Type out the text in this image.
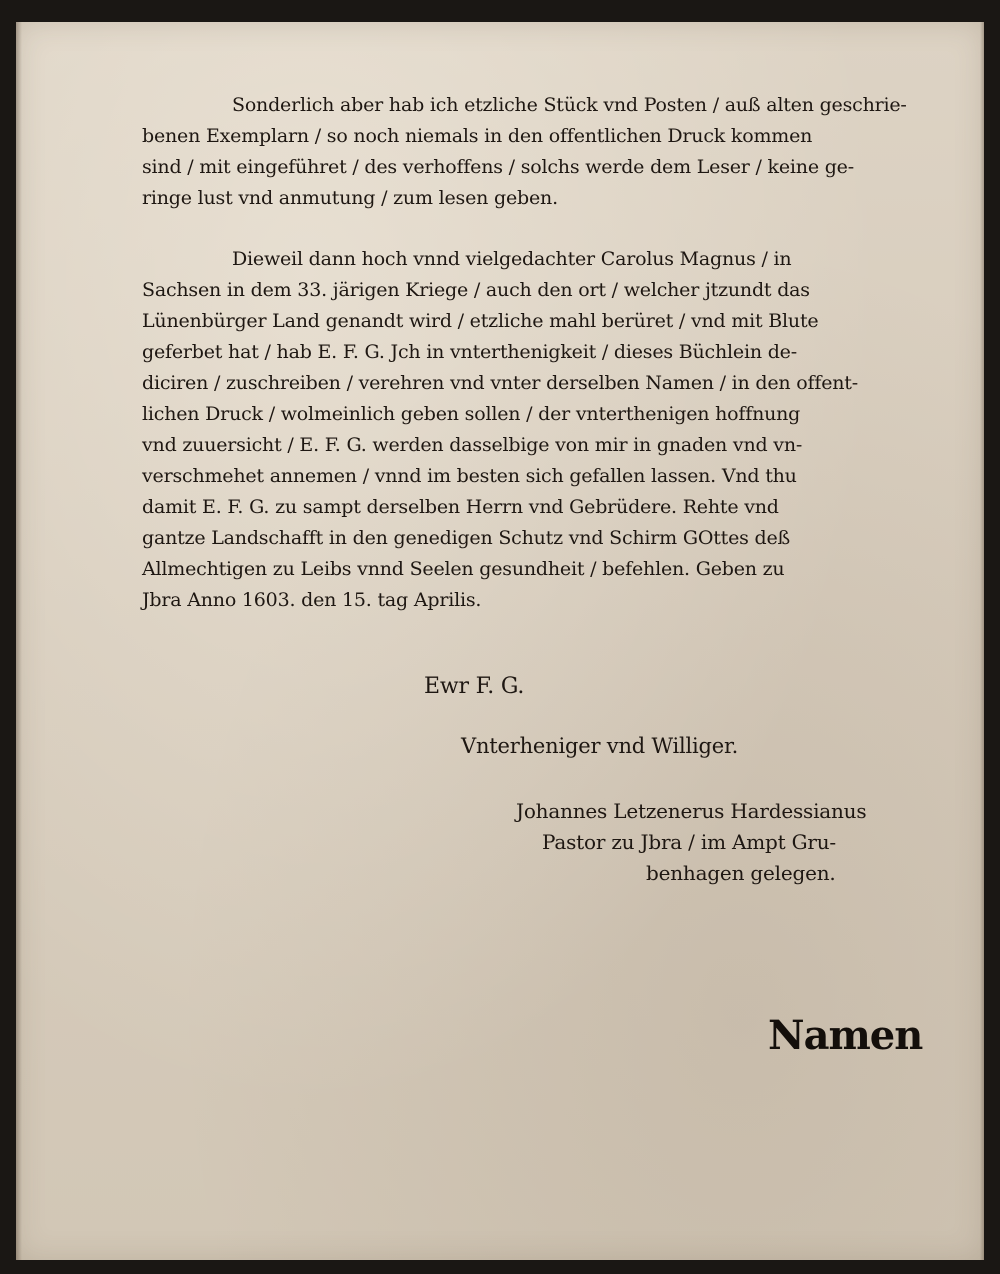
Sonderlich aber hab ich etzliche Stück vnd Posten / auß alten geschrie-
benen Exemplarn / so noch niemals in den offentlichen Druck kommen
sind / mit eingeführet / des verhoffens / solchs werde dem Leser / keine ge-
ringe lust vnd anmutung / zum lesen geben.
Dieweil dann hoch vnnd vielgedachter Carolus Magnus / in
Sachsen in dem 33. järigen Kriege / auch den ort / welcher jtzundt das
Lünenbürger Land genandt wird / etzliche mahl berüret / vnd mit Blute
geferbet hat / hab E. F. G. Jch in vnterthenigkeit / dieses Büchlein de-
diciren / zuschreiben / verehren vnd vnter derselben Namen / in den offent-
lichen Druck / wolmeinlich geben sollen / der vnterthenigen hoffnung
vnd zuuersicht / E. F. G. werden dasselbige von mir in gnaden vnd vn-
verschmehet annemen / vnnd im besten sich gefallen lassen. Vnd thu
damit E. F. G. zu sampt derselben Herrn vnd Gebrüdere. Rehte vnd
gantze Landschafft in den genedigen Schutz vnd Schirm GOttes deß
Allmechtigen zu Leibs vnnd Seelen gesundheit / befehlen. Geben zu
Jbra Anno 1603. den 15. tag Aprilis.
Ewr F. G.
Vnterheniger vnd Williger.
Johannes Letzenerus Hardessianus
Pastor zu Jbra / im Ampt Gru-
benhagen gelegen.
Namen
